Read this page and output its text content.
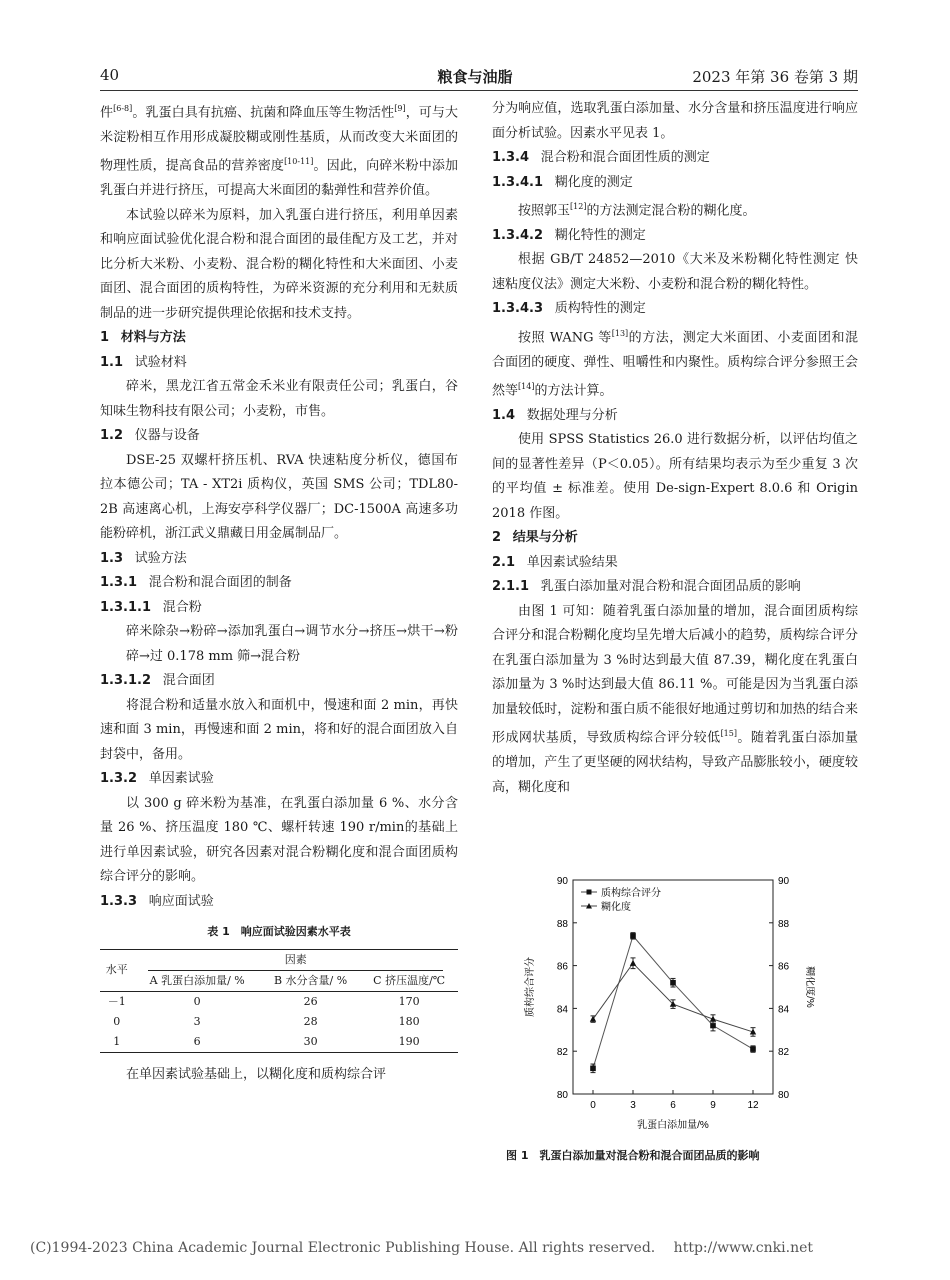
40	粮食与油脂	2023 年第 36 卷第 3 期

件[6-8]。乳蛋白具有抗癌、抗菌和降血压等生物活性[9]，可与大米淀粉相互作用形成凝胶糊或刚性基质，从而改变大米面团的物理性质，提高食品的营养密度[10-11]。因此，向碎米粉中添加乳蛋白并进行挤压，可提高大米面团的黏弹性和营养价值。

本试验以碎米为原料，加入乳蛋白进行挤压，利用单因素和响应面试验优化混合粉和混合面团的最佳配方及工艺，并对比分析大米粉、小麦粉、混合粉的糊化特性和大米面团、小麦面团、混合面团的质构特性，为碎米资源的充分利用和无麸质制品的进一步研究提供理论依据和技术支持。

1 材料与方法
1.1 试验材料

碎米，黑龙江省五常金禾米业有限责任公司；乳蛋白，谷知味生物科技有限公司；小麦粉，市售。

1.2 仪器与设备

DSE-25 双螺杆挤压机、RVA 快速粘度分析仪，德国布拉本德公司；TA - XT2i 质构仪，英国 SMS 公司；TDL80-2B 高速离心机，上海安亭科学仪器厂；DC-1500A 高速多功能粉碎机，浙江武义鼎藏日用金属制品厂。

1.3 试验方法
1.3.1 混合粉和混合面团的制备
1.3.1.1 混合粉

碎米除杂→粉碎→添加乳蛋白→调节水分→挤压→烘干→粉碎→过 0.178 mm 筛→混合粉

1.3.1.2 混合面团

将混合粉和适量水放入和面机中，慢速和面 2 min，再快速和面 3 min，再慢速和面 2 min，将和好的混合面团放入自封袋中，备用。

1.3.2 单因素试验

以 300 g 碎米粉为基准，在乳蛋白添加量 6 %、水分含量 26 %、挤压温度 180 ℃、螺杆转速 190 r/min的基础上进行单因素试验，研究各因素对混合粉糊化度和混合面团质构综合评分的影响。

1.3.3 响应面试验
表 1　响应面试验因素水平表
水平	因素		
	A 乳蛋白添加量/ %	B 水分含量/ %	C 挤压温度/℃
－1	0	26	170
0	3	28	180
1	6	30	190

在单因素试验基础上，以糊化度和质构综合评

分为响应值，选取乳蛋白添加量、水分含量和挤压温度进行响应面分析试验。因素水平见表 1。

1.3.4 混合粉和混合面团性质的测定
1.3.4.1 糊化度的测定

按照郭玉[12]的方法测定混合粉的糊化度。

1.3.4.2 糊化特性的测定

根据 GB/T 24852—2010《大米及米粉糊化特性测定 快速粘度仪法》测定大米粉、小麦粉和混合粉的糊化特性。

1.3.4.3 质构特性的测定

按照 WANG 等[13]的方法，测定大米面团、小麦面团和混合面团的硬度、弹性、咀嚼性和内聚性。质构综合评分参照王会然等[14]的方法计算。

1.4 数据处理与分析

使用 SPSS Statistics 26.0 进行数据分析，以评估均值之间的显著性差异（P＜0.05）。所有结果均表示为至少重复 3 次的平均值 ± 标准差。使用 De-sign-Expert 8.0.6 和 Origin 2018 作图。

2 结果与分析
2.1 单因素试验结果
2.1.1 乳蛋白添加量对混合粉和混合面团品质的影响

由图 1 可知：随着乳蛋白添加量的增加，混合面团质构综合评分和混合粉糊化度均呈先增大后减小的趋势，质构综合评分在乳蛋白添加量为 3 %时达到最大值 87.39，糊化度在乳蛋白添加量为 3 %时达到最大值 86.11 %。可能是因为当乳蛋白添加量较低时，淀粉和蛋白质不能很好地通过剪切和加热的结合来形成网状基质，导致质构综合评分较低[15]。随着乳蛋白添加量的增加，产生了更坚硬的网状结构，导致产品膨胀较小，硬度较高，糊化度和

80	80
82	82
84	84
86	86
88	88
90	90
0	3	6	9	12
乳蛋白添加量/%
质构综合评分	糊化度/%
质构综合评分
糊化度
图 1　乳蛋白添加量对混合粉和混合面团品质的影响
(C)1994-2023 China Academic Journal Electronic Publishing House. All rights reserved.　 http://www.cnki.net
